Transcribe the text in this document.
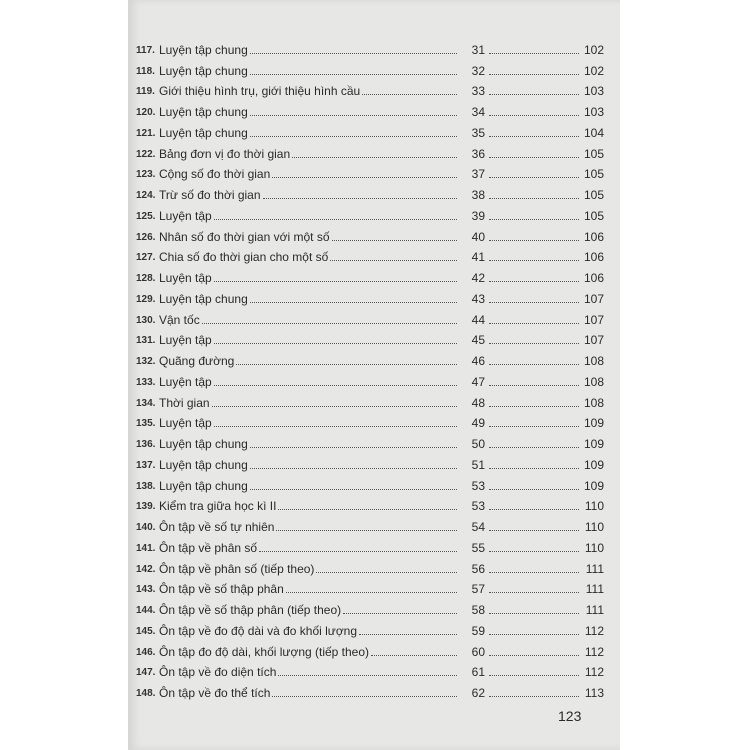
117. Luyện tập chung	31	102
118. Luyện tập chung	32	102
119. Giới thiệu hình trụ, giới thiệu hình cầu	33	103
120. Luyện tập chung	34	103
121. Luyện tập chung	35	104
122. Bảng đơn vị đo thời gian	36	105
123. Cộng số đo thời gian	37	105
124. Trừ số đo thời gian	38	105
125. Luyện tập	39	105
126. Nhân số đo thời gian với một số	40	106
127. Chia số đo thời gian cho một số	41	106
128. Luyện tập	42	106
129. Luyện tập chung	43	107
130. Vận tốc	44	107
131. Luyện tập	45	107
132. Quãng đường	46	108
133. Luyện tập	47	108
134. Thời gian	48	108
135. Luyện tập	49	109
136. Luyện tập chung	50	109
137. Luyện tập chung	51	109
138. Luyện tập chung	53	109
139. Kiểm tra giữa học kì II	53	110
140. Ôn tập về số tự nhiên	54	110
141. Ôn tập về phân số	55	110
142. Ôn tập về phân số (tiếp theo)	56	111
143. Ôn tập về số thập phân	57	111
144. Ôn tập về số thập phân (tiếp theo)	58	111
145. Ôn tập về đo độ dài và đo khối lượng	59	112
146. Ôn tập đo độ dài, khối lượng (tiếp theo)	60	112
147. Ôn tập về đo diện tích	61	112
148. Ôn tập về đo thể tích	62	113
123
